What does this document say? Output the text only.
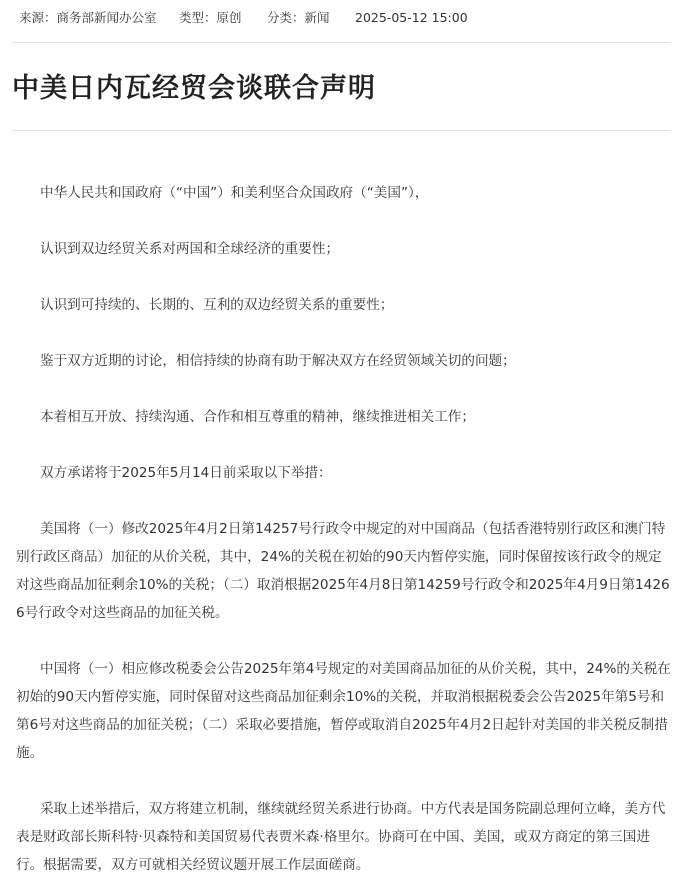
来源：商务部新闻办公室	类型：原创	分类：新闻	2025-05-12 15:00
中美日内瓦经贸会谈联合声明

中华人民共和国政府（“中国”）和美利坚合众国政府（“美国”），

认识到双边经贸关系对两国和全球经济的重要性；

认识到可持续的、长期的、互利的双边经贸关系的重要性；

鉴于双方近期的讨论，相信持续的协商有助于解决双方在经贸领域关切的问题；

本着相互开放、持续沟通、合作和相互尊重的精神，继续推进相关工作；

双方承诺将于2025年5月14日前采取以下举措：

美国将（一）修改2025年4月2日第14257号行政令中规定的对中国商品（包括香港特别行政区和澳门特别行政区商品）加征的从价关税，其中，24%的关税在初始的90天内暂停实施，同时保留按该行政令的规定对这些商品加征剩余10%的关税；（二）取消根据2025年4月8日第14259号行政令和2025年4月9日第14266号行政令对这些商品的加征关税。

中国将（一）相应修改税委会公告2025年第4号规定的对美国商品加征的从价关税，其中，24%的关税在初始的90天内暂停实施，同时保留对这些商品加征剩余10%的关税，并取消根据税委会公告2025年第5号和第6号对这些商品的加征关税；（二）采取必要措施，暂停或取消自2025年4月2日起针对美国的非关税反制措施。

采取上述举措后，双方将建立机制，继续就经贸关系进行协商。中方代表是国务院副总理何立峰，美方代表是财政部长斯科特·贝森特和美国贸易代表贾米森·格里尔。协商可在中国、美国，或双方商定的第三国进行。根据需要，双方可就相关经贸议题开展工作层面磋商。
